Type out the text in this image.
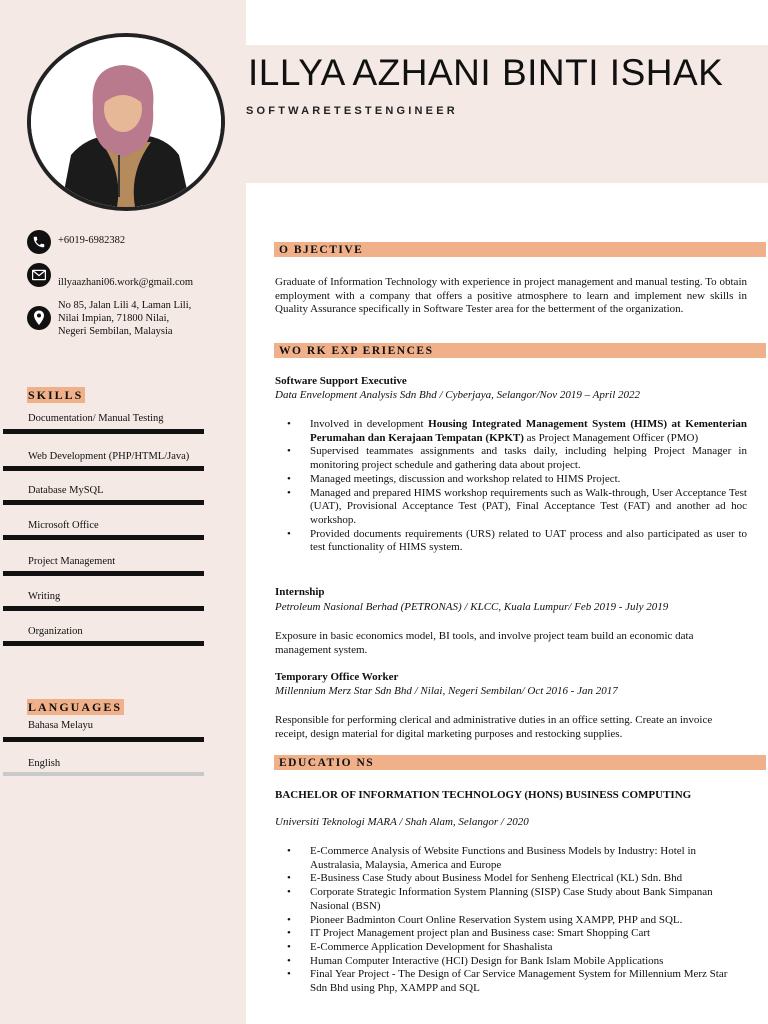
ILLYA AZHANI BINTI ISHAK
SOFTWARETESTENGINEER
+6019-6982382
illyaazhani06.work@gmail.com
No 85, Jalan Lili 4, Laman Lili,
Nilai Impian, 71800 Nilai,
Negeri Sembilan, Malaysia
SKILLS
Documentation/ Manual Testing
Web Development (PHP/HTML/Java)
Database MySQL
Microsoft Office
Project Management
Writing
Organization
LANGUAGES
Bahasa Melayu
English
O BJECTIVE
Graduate of Information Technology with experience in project management and manual testing. To obtain employment with a company that offers a positive atmosphere to learn and implement new skills in Quality Assurance specifically in Software Tester area for the betterment of the organization.
WO RK EXP ERIENCES
Software Support Executive
Data Envelopment Analysis Sdn Bhd / Cyberjaya, Selangor/Nov 2019 – April 2022
• Involved in development Housing Integrated Management System (HIMS) at Kementerian Perumahan dan Kerajaan Tempatan (KPKT) as Project Management Officer (PMO)
• Supervised teammates assignments and tasks daily, including helping Project Manager in monitoring project schedule and gathering data about project.
• Managed meetings, discussion and workshop related to HIMS Project.
• Managed and prepared HIMS workshop requirements such as Walk-through, User Acceptance Test (UAT), Provisional Acceptance Test (PAT), Final Acceptance Test (FAT) and another ad hoc workshop.
• Provided documents requirements (URS) related to UAT process and also participated as user to test functionality of HIMS system.
Internship
Petroleum Nasional Berhad (PETRONAS) / KLCC, Kuala Lumpur/ Feb 2019 - July 2019
Exposure in basic economics model, BI tools, and involve project team build an economic data management system.
Temporary Office Worker
Millennium Merz Star Sdn Bhd / Nilai, Negeri Sembilan/ Oct 2016 - Jan 2017
Responsible for performing clerical and administrative duties in an office setting. Create an invoice receipt, design material for digital marketing purposes and restocking supplies.
EDUCATIO NS
BACHELOR OF INFORMATION TECHNOLOGY (HONS) BUSINESS COMPUTING
Universiti Teknologi MARA / Shah Alam, Selangor / 2020
• E-Commerce Analysis of Website Functions and Business Models by Industry: Hotel in Australasia, Malaysia, America and Europe
• E-Business Case Study about Business Model for Senheng Electrical (KL) Sdn. Bhd
• Corporate Strategic Information System Planning (SISP) Case Study about Bank Simpanan Nasional (BSN)
• Pioneer Badminton Court Online Reservation System using XAMPP, PHP and SQL.
• IT Project Management project plan and Business case: Smart Shopping Cart
• E-Commerce Application Development for Shashalista
• Human Computer Interactive (HCI) Design for Bank Islam Mobile Applications
• Final Year Project - The Design of Car Service Management System for Millennium Merz Star Sdn Bhd using Php, XAMPP and SQL
